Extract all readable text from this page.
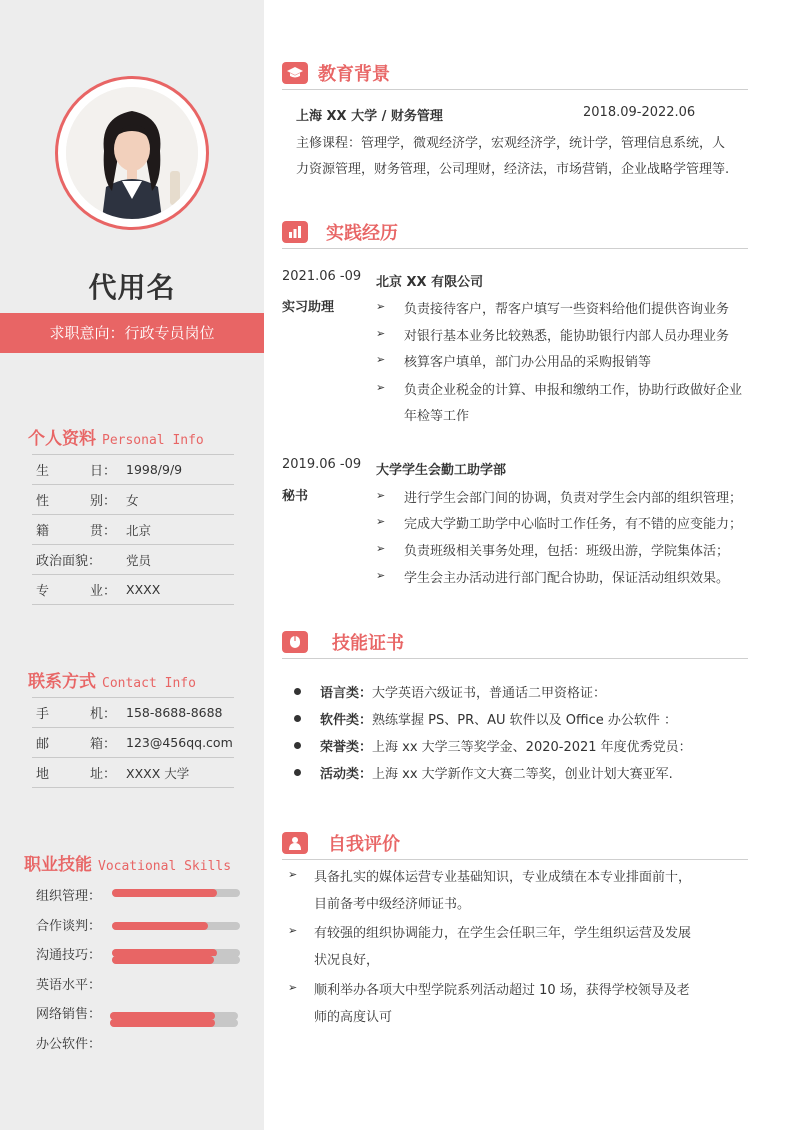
代用名
求职意向：行政专员岗位
个人资料 Personal Info
生	日： 1998/9/9
性	别： 女
籍	贯： 北京
政治面貌： 党员
专	业： XXXX
联系方式 Contact Info
手	机： 158-8688-8688
邮	箱： 123@456qq.com
地	址： XXXX 大学
职业技能 Vocational Skills
组织管理：
合作谈判：
沟通技巧：
英语水平：
网络销售：
办公软件：
教育背景
上海 XX 大学 / 财务管理	2018.09-2022.06
主修课程：管理学，微观经济学，宏观经济学，统计学，管理信息系统，人
力资源管理，财务管理，公司理财，经济法，市场营销，企业战略学管理等.
实践经历
2021.06 -09 北京 XX 有限公司
实习助理	➢ 负责接待客户，帮客户填写一些资料给他们提供咨询业务
➢ 对银行基本业务比较熟悉，能协助银行内部人员办理业务
➢ 核算客户填单，部门办公用品的采购报销等
➢ 负责企业税金的计算、申报和缴纳工作，协助行政做好企业
年检等工作
2019.06 -09 大学学生会勤工助学部
秘书	➢ 进行学生会部门间的协调，负责对学生会内部的组织管理；
➢ 完成大学勤工助学中心临时工作任务，有不错的应变能力；
➢ 负责班级相关事务处理，包括：班级出游，学院集体活；
➢ 学生会主办活动进行部门配合协助，保证活动组织效果。
技能证书
语言类：大学英语六级证书，普通话二甲资格证：
软件类：熟练掌握 PS、PR、AU 软件以及 Office 办公软件 ：
荣誉类：上海 xx 大学三等奖学金、2020-2021 年度优秀党员：
活动类：上海 xx 大学新作文大赛二等奖，创业计划大赛亚军.
自我评价
➢ 具备扎实的媒体运营专业基础知识，专业成绩在本专业排面前十，
目前备考中级经济师证书。
➢ 有较强的组织协调能力，在学生会任职三年，学生组织运营及发展
状况良好，
➢ 顺利举办各项大中型学院系列活动超过 10 场，获得学校领导及老
师的高度认可
